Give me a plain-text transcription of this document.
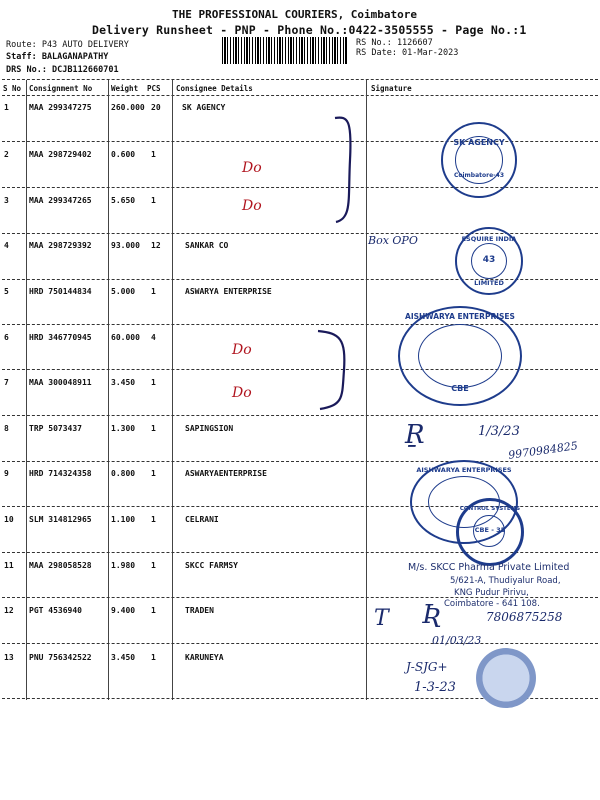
THE PROFESSIONAL COURIERS, Coimbatore
Delivery Runsheet - PNP - Phone No.:0422-3505555 - Page No.:1
Route: P43 AUTO DELIVERY
Staff: BALAGANAPATHY
DRS No.: DCJB112660701
RS No.: 1126607
RS Date: 01-Mar-2023
S No Consignment No	Weight PCS Consignee Details	Signature
1	MAA 299347275 260.000 20	SK AGENCY
2	MAA 298729402 0.600 1
3	MAA 299347265 5.650 1
4	MAA 298729392 93.000 12	SANKAR CO
5	HRD 750144834 5.000 1	ASWARYA ENTERPRISE
6	HRD 346770945 60.000 4
7	MAA 300048911 3.450 1
8	TRP 5073437	1.300 1	SAPINGSION
9	HRD 714324358 0.800 1	ASWARYAENTERPRISE
10 SLM 314812965 1.100 1	CELRANI
11 MAA 298058528 1.980 1	SKCC FARMSY
12 PGT 4536940	9.400 1	TRADEN
13 PNU 756342522 3.450 1	KARUNEYA
Do
Do
Do
Do
SK AGENCY
Coimbatore-43
Box OPO	ESQUIRE INDIA
43
LIMITED
AISHWARYA ENTERPRISES
CBE
Ṟ	1/3/23
9970984825
AISHWARYA ENTERPRISES
CONTROL SYSTEMS
CBE - 35
M/s. SKCC Pharma Private Limited
5/621-A, Thudiyalur Road,
KNG Pudur Pirivu,
Coimbatore - 641 108.
T Ʀ	7806875258
01/03/23
J-SJG+
1-3-23
